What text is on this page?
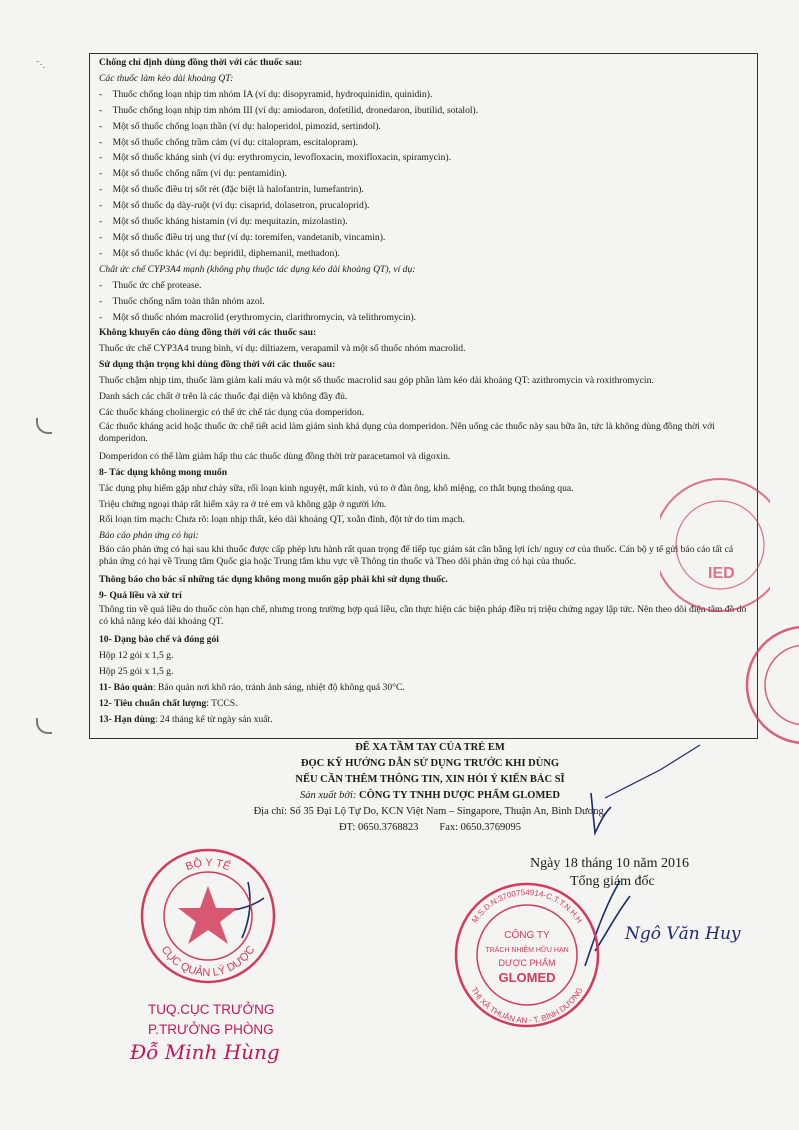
ˉ·.	Chống chỉ định dùng đồng thời với các thuốc sau:
Các thuốc làm kéo dài khoảng QT:
- Thuốc chống loạn nhịp tim nhóm IA (ví dụ: disopyramid, hydroquinidin, quinidin).
- Thuốc chống loạn nhịp tim nhóm III (ví dụ: amiodaron, dofetilid, dronedaron, ibutilid, sotalol).
- Một số thuốc chống loạn thần (ví dụ: haloperidol, pimozid, sertindol).
- Một số thuốc chống trầm cảm (ví dụ: citalopram, escitalopram).
- Một số thuốc kháng sinh (ví dụ: erythromycin, levofloxacin, moxifloxacin, spiramycin).
- Một số thuốc chống nấm (ví dụ: pentamidin).
- Một số thuốc điều trị sốt rét (đặc biệt là halofantrin, lumefantrin).
- Một số thuốc dạ dày-ruột (ví dụ: cisaprid, dolasetron, prucaloprid).
- Một số thuốc kháng histamin (ví dụ: mequitazin, mizolastin).
- Một số thuốc điều trị ung thư (ví dụ: toremifen, vandetanib, vincamin).
- Một số thuốc khác (ví dụ: bepridil, diphemanil, methadon).
Chất ức chế CYP3A4 mạnh (không phụ thuộc tác dụng kéo dài khoảng QT), ví dụ:
- Thuốc ức chế protease.
- Thuốc chống nấm toàn thân nhóm azol.
- Một số thuốc nhóm macrolid (erythromycin, clarithromycin, và telithromycin).
Không khuyến cáo dùng đồng thời với các thuốc sau:
Thuốc ức chế CYP3A4 trung bình, ví dụ: diltiazem, verapamil và một số thuốc nhóm macrolid.
Sử dụng thận trọng khi dùng đồng thời với các thuốc sau:
Thuốc chậm nhịp tim, thuốc làm giảm kali máu và một số thuốc macrolid sau góp phần làm kéo dài khoảng QT: azithromycin và roxithromycin.
Danh sách các chất ở trên là các thuốc đại diện và không đầy đủ.
Các thuốc kháng cholinergic có thể ức chế tác dụng của domperidon.
Các thuốc kháng acid hoặc thuốc ức chế tiết acid làm giảm sinh khả dụng của domperidon. Nên uống các thuốc này sau bữa ăn, tức là không dùng đồng thời với domperidon.
Domperidon có thể làm giảm hấp thu các thuốc dùng đồng thời trừ paracetamol và digoxin.
8- Tác dụng không mong muốn
Tác dụng phụ hiếm gặp như chảy sữa, rối loạn kinh nguyệt, mất kinh, vú to ở đàn ông, khô miệng, co thắt bụng thoáng qua.
Triệu chứng ngoại tháp rất hiếm xảy ra ở trẻ em và không gặp ở người lớn.
Rối loạn tim mạch: Chưa rõ: loạn nhịp thất, kéo dài khoảng QT, xoắn đỉnh, đột tử do tim mạch.
Báo cáo phản ứng có hại:
Báo cáo phản ứng có hại sau khi thuốc được cấp phép lưu hành rất quan trọng để tiếp tục giám sát cân bằng lợi ích/ nguy cơ của thuốc. Cán bộ y tế gửi báo cáo tất cả phản ứng có hại về Trung tâm Quốc gia hoặc Trung tâm khu vực về Thông tin thuốc và Theo dõi phản ứng có hại của thuốc.
Thông báo cho bác sĩ những tác dụng không mong muốn gặp phải khi sử dụng thuốc.
9- Quá liều và xử trí
Thông tin về quá liều do thuốc còn hạn chế, nhưng trong trường hợp quá liều, cần thực hiện các biện pháp điều trị triệu chứng ngay lập tức. Nên theo dõi điện tâm đồ do có khả năng kéo dài khoảng QT.
10- Dạng bào chế và đóng gói
Hộp 12 gói x 1,5 g.
Hộp 25 gói x 1,5 g.
11- Bảo quản: Bảo quản nơi khô ráo, tránh ánh sáng, nhiệt độ không quá 30°C.
12- Tiêu chuẩn chất lượng: TCCS.
13- Hạn dùng: 24 tháng kể từ ngày sản xuất.
ĐỂ XA TẦM TAY CỦA TRẺ EM
ĐỌC KỸ HƯỚNG DẪN SỬ DỤNG TRƯỚC KHI DÙNG
NẾU CẦN THÊM THÔNG TIN, XIN HỎI Ý KIẾN BÁC SĨ
Sản xuất bởi: CÔNG TY TNHH DƯỢC PHẨM GLOMED
Địa chỉ: Số 35 Đại Lộ Tự Do, KCN Việt Nam – Singapore, Thuận An, Bình Dương.
ĐT: 0650.3768823 Fax: 0650.3769095
Ngày 18 tháng 10 năm 2016
Tổng giám đốc
Ngô Văn Huy
TUQ.CỤC TRƯỞNG
P.TRƯỞNG PHÒNG
Đỗ Minh Hùng
BỘ Y TẾ
CỤC QUẢN LÝ DƯỢC
M.S.D.N:3700754914-C.T.T.N.H.H
THỊ XÃ THUẬN AN - T. BÌNH DƯƠNG
CÔNG TY
TRÁCH NHIỆM HỮU HẠN
DƯỢC PHẨM
GLOMED
IED
